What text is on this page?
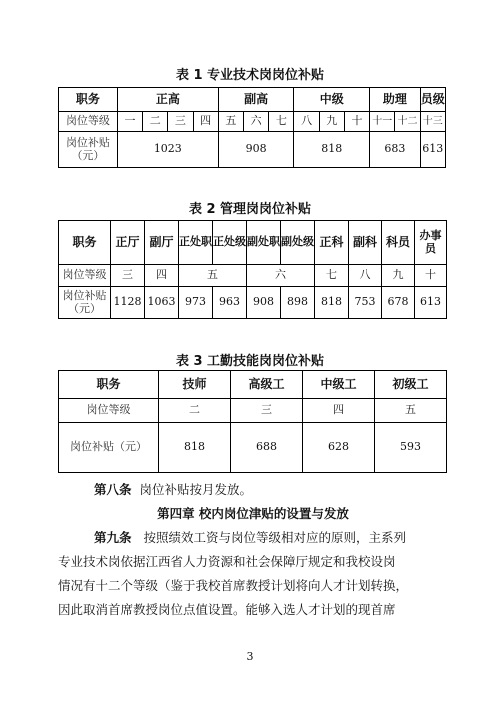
表 1 专业技术岗岗位补贴
职务	正高				副高			中级			助理		员级
岗位等级	一	二	三	四	五	六	七	八	九	十	十一	十二	十三

岗位补贴
（元）	1023				908			818			683		613
表 2 管理岗岗位补贴
职务	正厅	副厅	正处职	正处级	副处职	副处级	正科	副科	科员	办事员
岗位等级	三	四	五		六		七	八	九	十

岗位补贴
（元）	1128	1063	973	963	908	898	818	753	678	613
表 3 工勤技能岗岗位补贴
职务	技师	高级工	中级工	初级工
岗位等级	二	三	四	五
岗位补贴（元）	818	688	628	593
第八条 岗位补贴按月发放。
第四章 校内岗位津贴的设置与发放
第九条 按照绩效工资与岗位等级相对应的原则，主系列
专业技术岗依据江西省人力资源和社会保障厅规定和我校设岗
情况有十二个等级（鉴于我校首席教授计划将向人才计划转换，
因此取消首席教授岗位点值设置。能够入选人才计划的现首席
3
